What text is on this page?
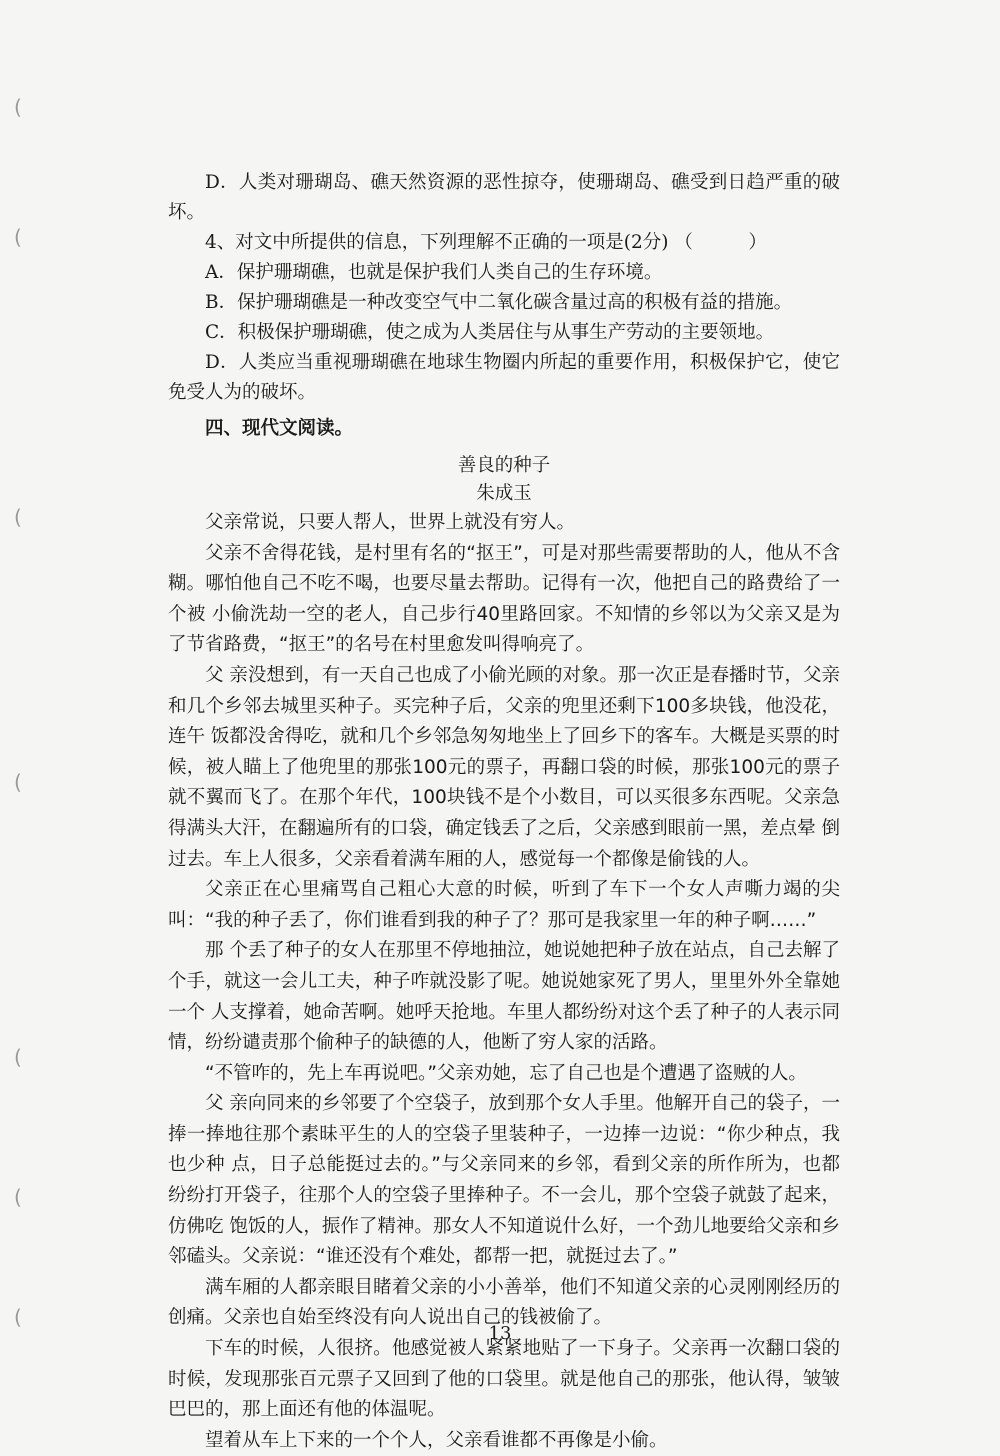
(
(
(
(
(
(
(

D．人类对珊瑚岛、礁天然资源的恶性掠夺，使珊瑚岛、礁受到日趋严重的破坏。

4、对文中所提供的信息，下列理解不正确的一项是(2分) （　　　）

A．保护珊瑚礁，也就是保护我们人类自己的生存环境。

B．保护珊瑚礁是一种改变空气中二氧化碳含量过高的积极有益的措施。

C．积极保护珊瑚礁，使之成为人类居住与从事生产劳动的主要领地。

D．人类应当重视珊瑚礁在地球生物圈内所起的重要作用，积极保护它，使它免受人为的破坏。

四、现代文阅读。

善良的种子
朱成玉

父亲常说，只要人帮人，世界上就没有穷人。

父亲不舍得花钱，是村里有名的“抠王”，可是对那些需要帮助的人，他从不含糊。哪怕他自己不吃不喝，也要尽量去帮助。记得有一次，他把自己的路费给了一个被 小偷洗劫一空的老人，自己步行40里路回家。不知情的乡邻以为父亲又是为了节省路费，“抠王”的名号在村里愈发叫得响亮了。

父 亲没想到，有一天自己也成了小偷光顾的对象。那一次正是春播时节，父亲和几个乡邻去城里买种子。买完种子后，父亲的兜里还剩下100多块钱，他没花，连午 饭都没舍得吃，就和几个乡邻急匆匆地坐上了回乡下的客车。大概是买票的时候，被人瞄上了他兜里的那张100元的票子，再翻口袋的时候，那张100元的票子 就不翼而飞了。在那个年代，100块钱不是个小数目，可以买很多东西呢。父亲急得满头大汗，在翻遍所有的口袋，确定钱丢了之后，父亲感到眼前一黑，差点晕 倒过去。车上人很多，父亲看着满车厢的人，感觉每一个都像是偷钱的人。

父亲正在心里痛骂自己粗心大意的时候，听到了车下一个女人声嘶力竭的尖叫：“我的种子丢了，你们谁看到我的种子了？那可是我家里一年的种子啊……”

那 个丢了种子的女人在那里不停地抽泣，她说她把种子放在站点，自己去解了个手，就这一会儿工夫，种子咋就没影了呢。她说她家死了男人，里里外外全靠她一个 人支撑着，她命苦啊。她呼天抢地。车里人都纷纷对这个丢了种子的人表示同情，纷纷谴责那个偷种子的缺德的人，他断了穷人家的活路。

“不管咋的，先上车再说吧。”父亲劝她，忘了自己也是个遭遇了盗贼的人。

父 亲向同来的乡邻要了个空袋子，放到那个女人手里。他解开自己的袋子，一捧一捧地往那个素昧平生的人的空袋子里装种子，一边捧一边说：“你少种点，我也少种 点，日子总能挺过去的。”与父亲同来的乡邻，看到父亲的所作所为，也都纷纷打开袋子，往那个人的空袋子里捧种子。不一会儿，那个空袋子就鼓了起来，仿佛吃 饱饭的人，振作了精神。那女人不知道说什么好，一个劲儿地要给父亲和乡邻磕头。父亲说：“谁还没有个难处，都帮一把，就挺过去了。”

满车厢的人都亲眼目睹着父亲的小小善举，他们不知道父亲的心灵刚刚经历的创痛。父亲也自始至终没有向人说出自己的钱被偷了。

下车的时候，人很挤。他感觉被人紧紧地贴了一下身子。父亲再一次翻口袋的时候，发现那张百元票子又回到了他的口袋里。就是他自己的那张，他认得，皱皱巴巴的，那上面还有他的体温呢。

望着从车上下来的一个个人，父亲看谁都不再像是小偷。

13
